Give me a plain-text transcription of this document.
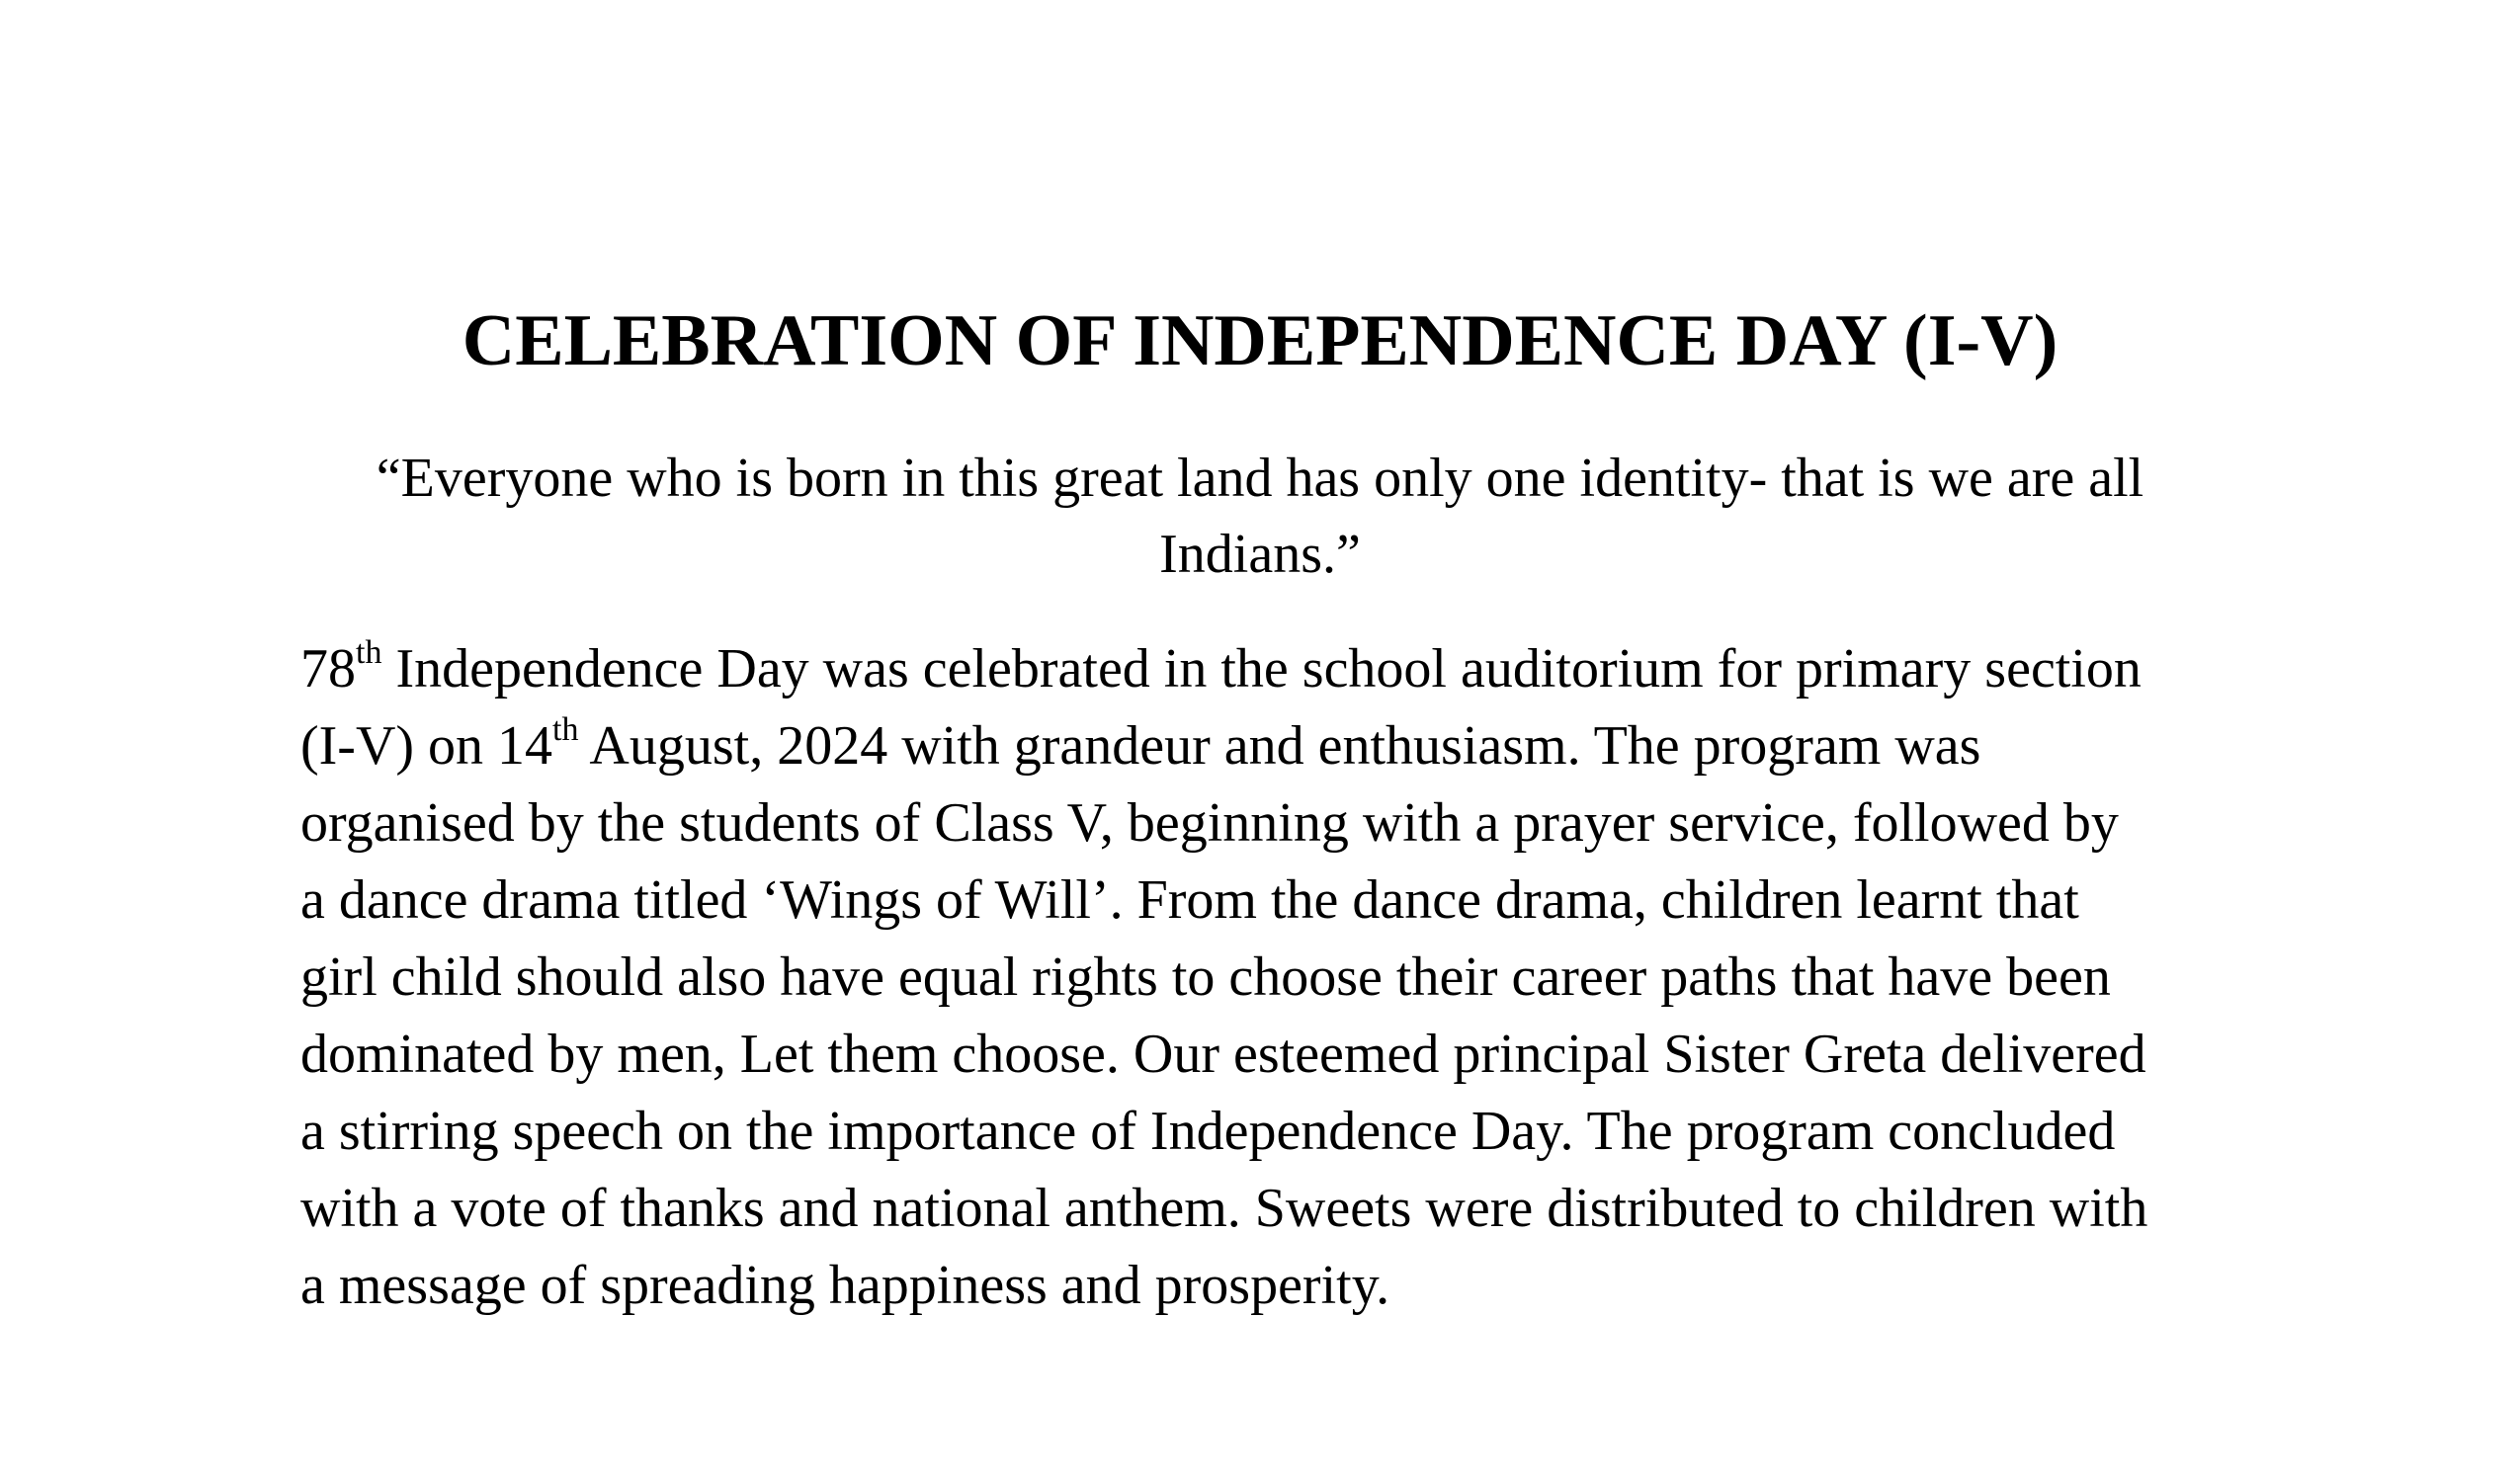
CELEBRATION OF INDEPENDENCE DAY (I-V)

“Everyone who is born in this great land has only one identity- that is we are all
Indians.”

78th Independence Day was celebrated in the school auditorium for primary section
(I-V) on 14th August, 2024 with grandeur and enthusiasm. The program was
organised by the students of Class V, beginning with a prayer service, followed by
a dance drama titled ‘Wings of Will’. From the dance drama, children learnt that
girl child should also have equal rights to choose their career paths that have been
dominated by men, Let them choose. Our esteemed principal Sister Greta delivered
a stirring speech on the importance of Independence Day. The program concluded
with a vote of thanks and national anthem. Sweets were distributed to children with
a message of spreading happiness and prosperity.
